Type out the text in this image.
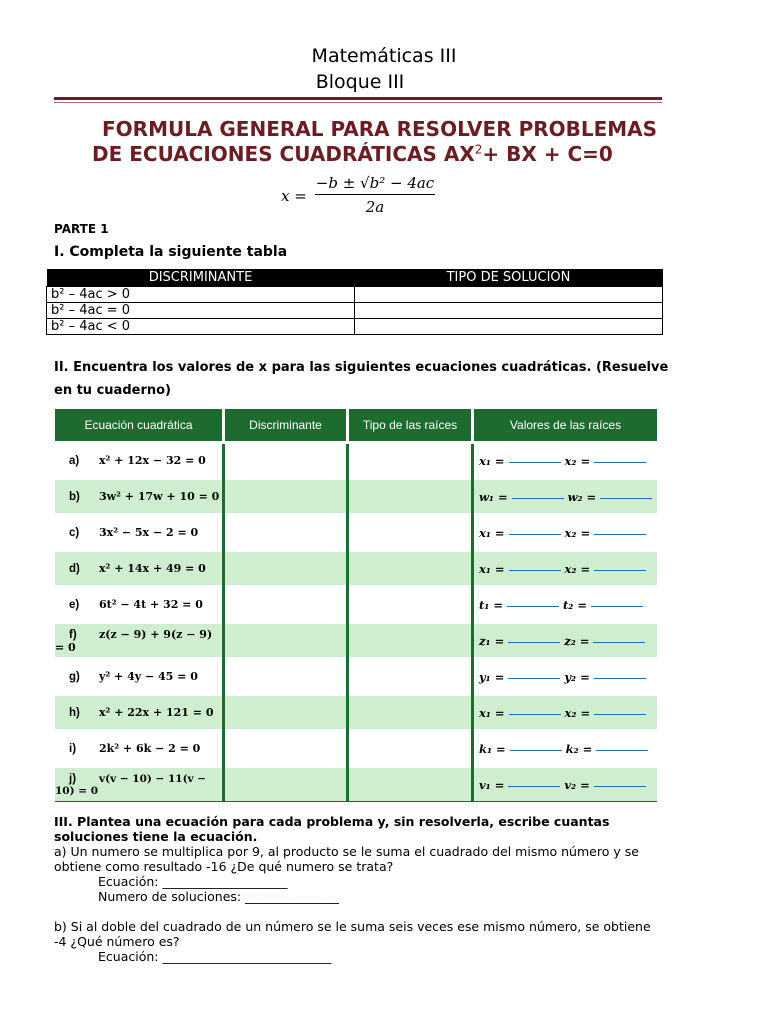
Matemáticas III
Bloque III
FORMULA GENERAL PARA RESOLVER PROBLEMAS
DE ECUACIONES CUADRÁTICAS $AX^2+$ BX + C=0
x =
−b ± √b² − 4ac
2a
PARTE 1
I. Completa la siguiente tabla
DISCRIMINANTE	TIPO DE SOLUCION
b² – 4ac > 0	
b² – 4ac = 0	
b² – 4ac < 0	
II. Encuentra los valores de x para las siguientes ecuaciones cuadráticas. (Resuelve
en tu cuaderno)
Ecuación cuadrática	Discriminante	Tipo de las raíces	Valores de las raíces
a) x² + 12x − 32 = 0			x₁ = x₂ =
b) 3w² + 17w + 10 = 0			w₁ = w₂ =
c) 3x² − 5x − 2 = 0			x₁ = x₂ =
d) x² + 14x + 49 = 0			x₁ = x₂ =
e) 6t² − 4t + 32 = 0			t₁ = t₂ =
f) z(z − 9) + 9(z − 9) = 0			z₁ = z₂ =
g) y² + 4y − 45 = 0			y₁ = y₂ =
h) x² + 22x + 121 = 0			x₁ = x₂ =
i) 2k² + 6k − 2 = 0			k₁ = k₂ =
j) v(v − 10) − 11(v − 10) = 0			v₁ = v₂ =
III. Plantea una ecuación para cada problema y, sin resolverla, escribe cuantas
soluciones tiene la ecuación.
a) Un numero se multiplica por 9, al producto se le suma el cuadrado del mismo número y se
obtiene como resultado -16 ¿De qué numero se trata?
Ecuación: ____________________
Numero de soluciones: _______________
b) Si al doble del cuadrado de un número se le suma seis veces ese mismo número, se obtiene
-4 ¿Qué número es?
Ecuación: ___________________________
